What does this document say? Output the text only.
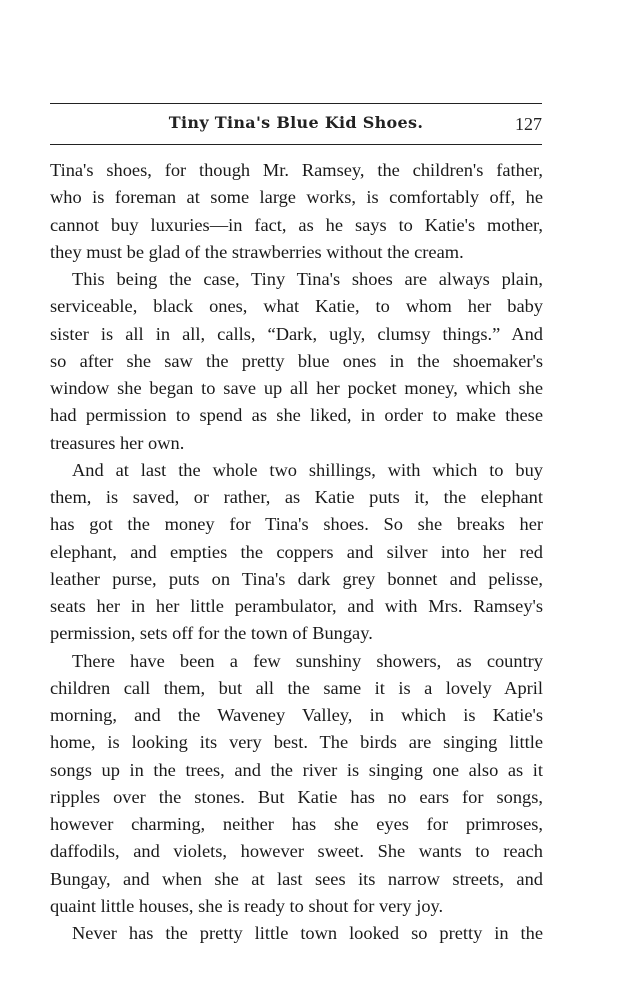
Tiny Tina's Blue Kid Shoes.	127

Tina's shoes, for though Mr. Ramsey, the children's father,
who is foreman at some large works, is comfortably off, he
cannot buy luxuries—in fact, as he says to Katie's mother,
they must be glad of the strawberries without the cream.

This being the case, Tiny Tina's shoes are always plain,
serviceable, black ones, what Katie, to whom her baby
sister is all in all, calls, “Dark, ugly, clumsy things.” And
so after she saw the pretty blue ones in the shoemaker's
window she began to save up all her pocket money, which she
had permission to spend as she liked, in order to make these
treasures her own.

And at last the whole two shillings, with which to buy
them, is saved, or rather, as Katie puts it, the elephant
has got the money for Tina's shoes. So she breaks her
elephant, and empties the coppers and silver into her red
leather purse, puts on Tina's dark grey bonnet and pelisse,
seats her in her little perambulator, and with Mrs. Ramsey's
permission, sets off for the town of Bungay.

There have been a few sunshiny showers, as country
children call them, but all the same it is a lovely April
morning, and the Waveney Valley, in which is Katie's
home, is looking its very best. The birds are singing little
songs up in the trees, and the river is singing one also as it
ripples over the stones. But Katie has no ears for songs,
however charming, neither has she eyes for primroses,
daffodils, and violets, however sweet. She wants to reach
Bungay, and when she at last sees its narrow streets, and
quaint little houses, she is ready to shout for very joy.

Never has the pretty little town looked so pretty in the
